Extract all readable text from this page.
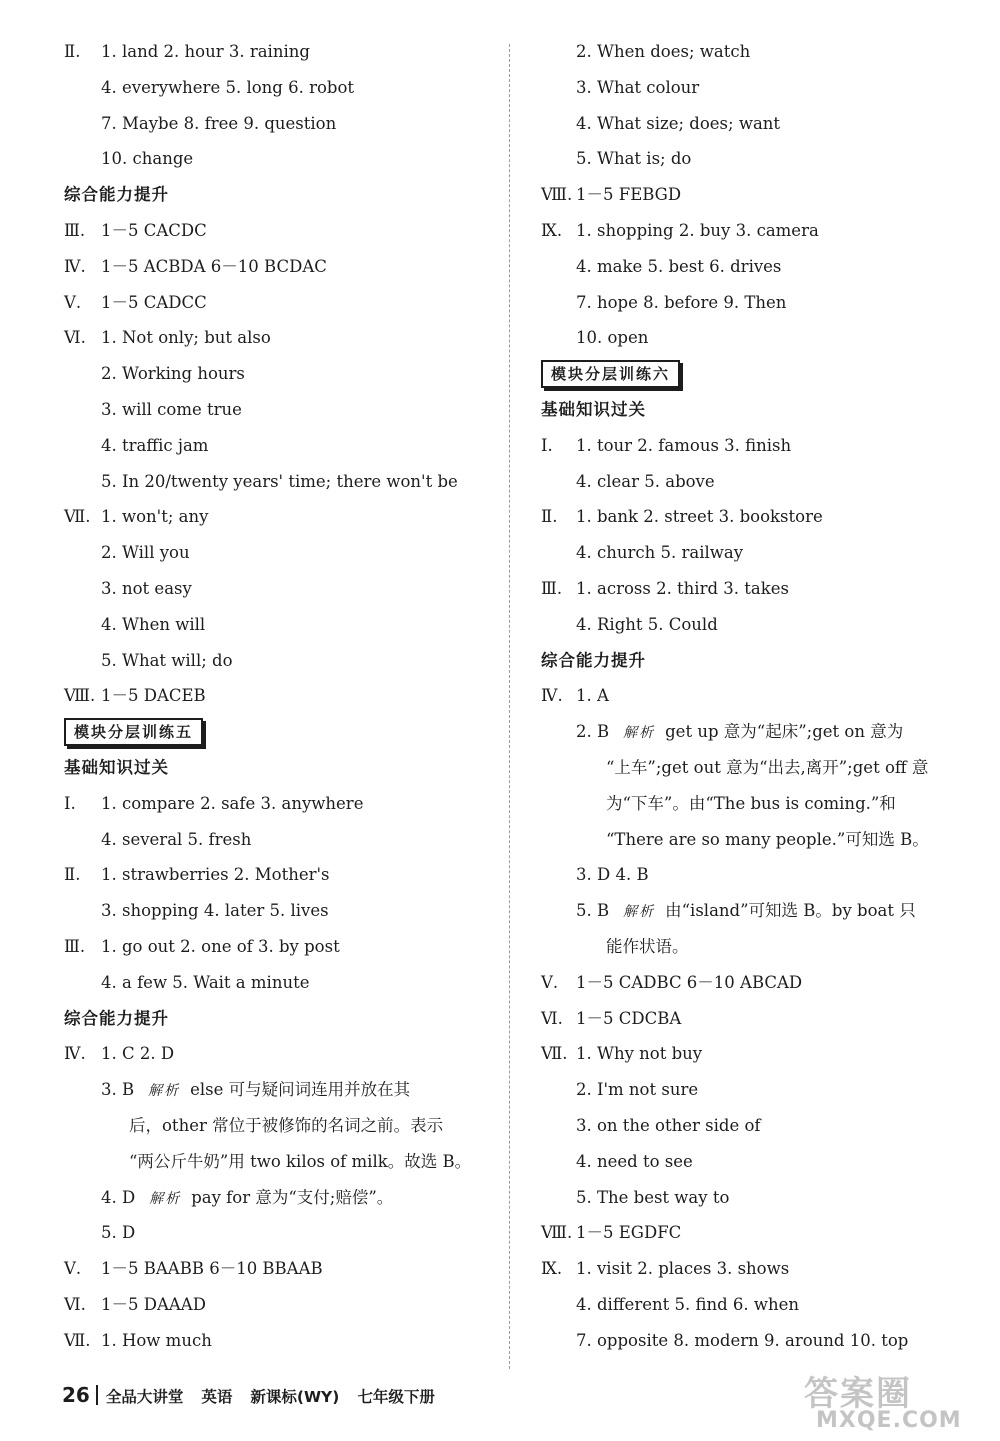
Ⅱ. 1. land 2. hour 3. raining
4. everywhere 5. long 6. robot
7. Maybe 8. free 9. question
10. change
综合能力提升
Ⅲ. 1－5 CACDC
Ⅳ. 1－5 ACBDA 6－10 BCDAC
Ⅴ. 1－5 CADCC
Ⅵ. 1. Not only; but also
2. Working hours
3. will come true
4. traffic jam
5. In 20/twenty years' time; there won't be
Ⅶ. 1. won't; any
2. Will you
3. not easy
4. When will
5. What will; do
Ⅷ. 1－5 DACEB
模块分层训练五
基础知识过关
Ⅰ. 1. compare 2. safe 3. anywhere
4. several 5. fresh
Ⅱ. 1. strawberries 2. Mother's
3. shopping 4. later 5. lives
Ⅲ. 1. go out 2. one of 3. by post
4. a few 5. Wait a minute
综合能力提升
Ⅳ. 1. C 2. D
3. B 解析 else 可与疑问词连用并放在其
后，other 常位于被修饰的名词之前。表示
“两公斤牛奶”用 two kilos of milk。故选 B。
4. D 解析 pay for 意为“支付;赔偿”。
5. D
Ⅴ. 1－5 BAABB 6－10 BBAAB
Ⅵ. 1－5 DAAAD
Ⅶ. 1. How much
2. When does; watch
3. What colour
4. What size; does; want
5. What is; do
Ⅷ. 1－5 FEBGD
Ⅸ. 1. shopping 2. buy 3. camera
4. make 5. best 6. drives
7. hope 8. before 9. Then
10. open
模块分层训练六
基础知识过关
Ⅰ. 1. tour 2. famous 3. finish
4. clear 5. above
Ⅱ. 1. bank 2. street 3. bookstore
4. church 5. railway
Ⅲ. 1. across 2. third 3. takes
4. Right 5. Could
综合能力提升
Ⅳ. 1. A
2. B 解析 get up 意为“起床”;get on 意为
“上车”;get out 意为“出去,离开”;get off 意
为“下车”。由“The bus is coming.”和
“There are so many people.”可知选 B。
3. D 4. B
5. B 解析 由“island”可知选 B。by boat 只
能作状语。
Ⅴ. 1－5 CADBC 6－10 ABCAD
Ⅵ. 1－5 CDCBA
Ⅶ. 1. Why not buy
2. I'm not sure
3. on the other side of
4. need to see
5. The best way to
Ⅷ. 1－5 EGDFC
Ⅸ. 1. visit 2. places 3. shows
4. different 5. find 6. when
7. opposite 8. modern 9. around 10. top
26 全品大讲堂 英语 新课标(WY) 七年级下册	答案圈
MXQE.COM
